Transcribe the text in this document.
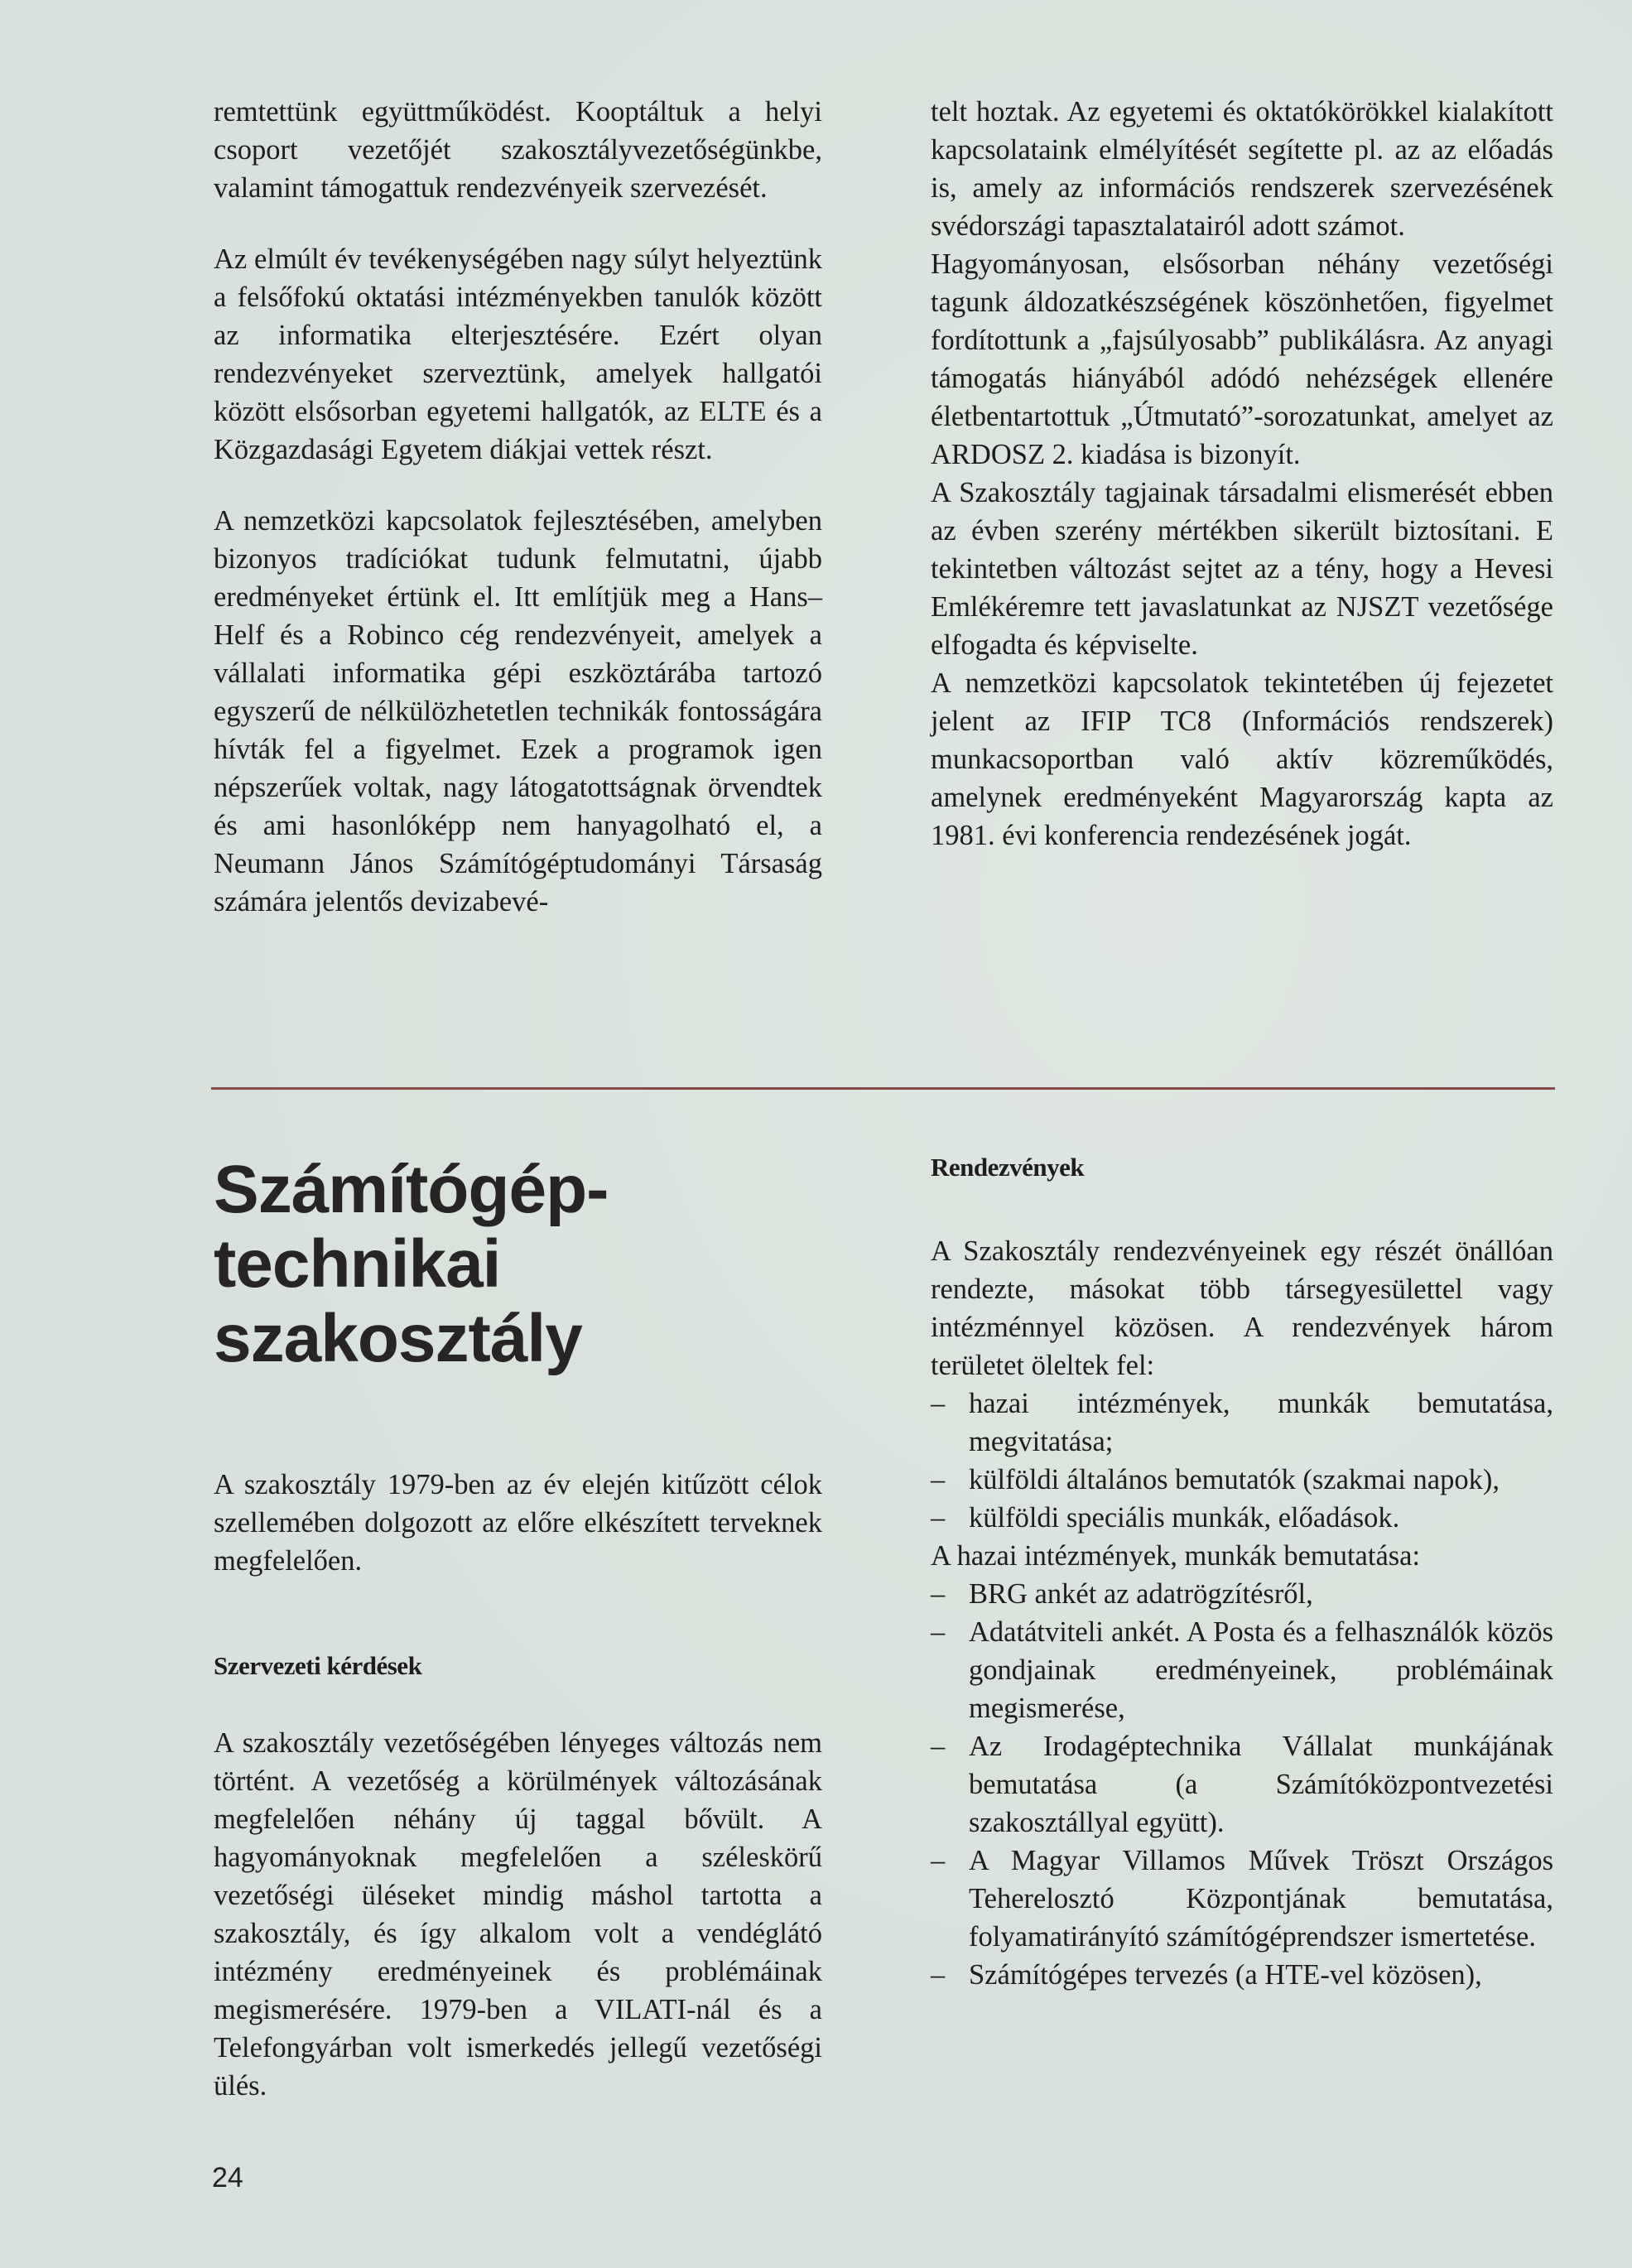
remtettünk együttműködést. Kooptáltuk a helyi csoport vezetőjét szakosztályvezetőségünkbe, valamint támogattuk rendezvényeik szervezését.

Az elmúlt év tevékenységében nagy súlyt helyeztünk a felsőfokú oktatási intézményekben tanulók között az informatika elterjesztésére. Ezért olyan rendezvényeket szerveztünk, amelyek hallgatói között elsősorban egyetemi hallgatók, az ELTE és a Közgazdasági Egyetem diákjai vettek részt.

A nemzetközi kapcsolatok fejlesztésében, amelyben bizonyos tradíciókat tudunk felmutatni, újabb eredményeket értünk el. Itt említjük meg a Hans–Helf és a Robinco cég rendezvényeit, amelyek a vállalati informatika gépi eszköztárába tartozó egyszerű de nélkülözhetetlen technikák fontosságára hívták fel a figyelmet. Ezek a programok igen népszerűek voltak, nagy látogatottságnak örvendtek és ami hasonlóképp nem hanyagolható el, a Neumann János Számítógéptudományi Társaság számára jelentős devizabevé-

telt hoztak. Az egyetemi és oktatókörökkel kialakított kapcsolataink elmélyítését segítette pl. az az előadás is, amely az információs rendszerek szervezésének svédországi tapasztalatairól adott számot.

Hagyományosan, elsősorban néhány vezetőségi tagunk áldozatkészségének köszönhetően, figyelmet fordítottunk a „fajsúlyosabb” publikálásra. Az anyagi támogatás hiányából adódó nehézségek ellenére életbentartottuk „Útmutató”-sorozatunkat, amelyet az ARDOSZ 2. kiadása is bizonyít.

A Szakosztály tagjainak társadalmi elismerését ebben az évben szerény mértékben sikerült biztosítani. E tekintetben változást sejtet az a tény, hogy a Hevesi Emlékéremre tett javaslatunkat az NJSZT vezetősége elfogadta és képviselte.

A nemzetközi kapcsolatok tekintetében új fejezetet jelent az IFIP TC8 (Információs rendszerek) munkacsoportban való aktív közreműködés, amelynek eredményeként Magyarország kapta az 1981. évi konferencia rendezésének jogát.

Számítógép-
technikai
szakosztály

A szakosztály 1979-ben az év elején kitűzött célok szellemében dolgozott az előre elkészített terveknek megfelelően.

Szervezeti kérdések

A szakosztály vezetőségében lényeges változás nem történt. A vezetőség a körülmények változásának megfelelően néhány új taggal bővült. A hagyományoknak megfelelően a széleskörű vezetőségi üléseket mindig máshol tartotta a szakosztály, és így alkalom volt a vendéglátó intézmény eredményeinek és problémáinak megismerésére. 1979-ben a VILATI-nál és a Telefongyárban volt ismerkedés jellegű vezetőségi ülés.

Rendezvények

A Szakosztály rendezvényeinek egy részét önállóan rendezte, másokat több társegyesülettel vagy intézménnyel közösen. A rendezvények három területet öleltek fel:

– hazai intézmények, munkák bemutatása, megvitatása;
– külföldi általános bemutatók (szakmai napok),
– külföldi speciális munkák, előadások.

A hazai intézmények, munkák bemutatása:

– BRG ankét az adatrögzítésről,
– Adatátviteli ankét. A Posta és a felhasználók közös gondjainak eredményeinek, problémáinak megismerése,
– Az Irodagéptechnika Vállalat munkájának bemutatása (a Számítóközpontvezetési szakosztállyal együtt).
– A Magyar Villamos Művek Tröszt Országos Teherelosztó Központjának bemutatása, folyamatirányító számítógéprendszer ismertetése.
– Számítógépes tervezés (a HTE-vel közösen),
24
